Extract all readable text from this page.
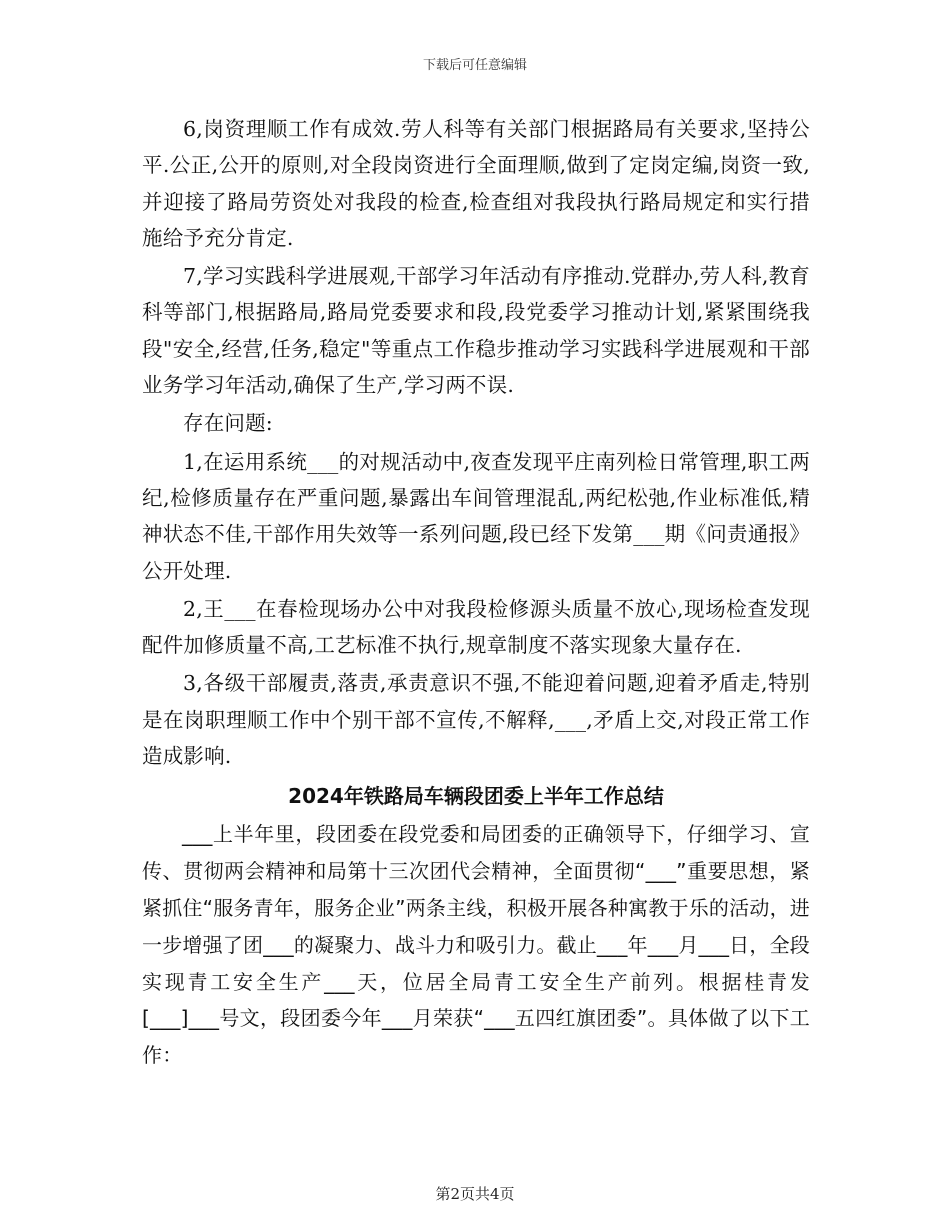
下载后可任意编辑

6,岗资理顺工作有成效.劳人科等有关部门根据路局有关要求,坚持公平.公正,公开的原则,对全段岗资进行全面理顺,做到了定岗定编,岗资一致,并迎接了路局劳资处对我段的检查,检查组对我段执行路局规定和实行措施给予充分肯定.

7,学习实践科学进展观,干部学习年活动有序推动.党群办,劳人科,教育科等部门,根据路局,路局党委要求和段,段党委学习推动计划,紧紧围绕我段"安全,经营,任务,稳定"等重点工作稳步推动学习实践科学进展观和干部业务学习年活动,确保了生产,学习两不误.

存在问题:

1,在运用系统___的对规活动中,夜查发现平庄南列检日常管理,职工两纪,检修质量存在严重问题,暴露出车间管理混乱,两纪松弛,作业标准低,精神状态不佳,干部作用失效等一系列问题,段已经下发第___期《问责通报》公开处理.

2,王___在春检现场办公中对我段检修源头质量不放心,现场检查发现配件加修质量不高,工艺标准不执行,规章制度不落实现象大量存在.

3,各级干部履责,落责,承责意识不强,不能迎着问题,迎着矛盾走,特别是在岗职理顺工作中个别干部不宣传,不解释,___,矛盾上交,对段正常工作造成影响.

2024年铁路局车辆段团委上半年工作总结

___上半年里，段团委在段党委和局团委的正确领导下，仔细学习、宣传、贯彻两会精神和局第十三次团代会精神，全面贯彻“___”重要思想，紧紧抓住“服务青年，服务企业”两条主线，积极开展各种寓教于乐的活动，进一步增强了团___的凝聚力、战斗力和吸引力。截止___年___月___日，全段实现青工安全生产___天，位居全局青工安全生产前列。根据桂青发[___]___号文，段团委今年___月荣获“___五四红旗团委”。具体做了以下工作：

第2页共4页
